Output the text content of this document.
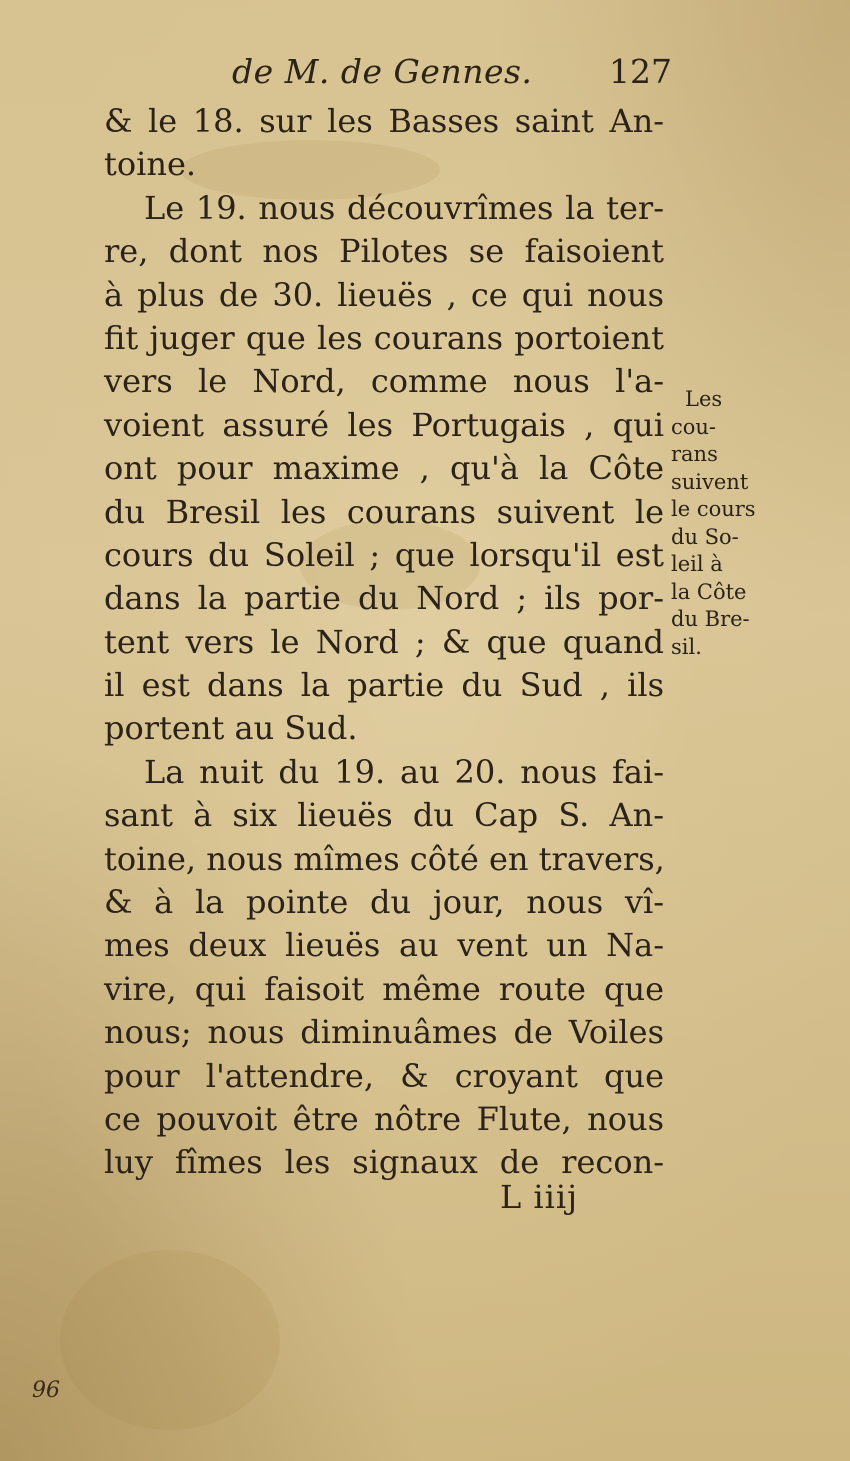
de M. de Gennes. 127
& le 18. sur les Basses saint An-
toine.
Le 19. nous découvrîmes la ter-
re, dont nos Pilotes se faisoient
à plus de 30. lieuës , ce qui nous
fit juger que les courans portoient
vers le Nord, comme nous l'a-
voient assuré les Portugais , qui
ont pour maxime , qu'à la Côte
du Bresil les courans suivent le
cours du Soleil ; que lorsqu'il est
dans la partie du Nord ; ils por-
tent vers le Nord ; & que quand
il est dans la partie du Sud , ils
portent au Sud.
La nuit du 19. au 20. nous fai-
sant à six lieuës du Cap S. An-
toine, nous mîmes côté en travers,
& à la pointe du jour, nous vî-
mes deux lieuës au vent un Na-
vire, qui faisoit même route que
nous; nous diminuâmes de Voiles
pour l'attendre, & croyant que
ce pouvoit être nôtre Flute, nous
luy fîmes les signaux de recon-
Les
cou-
rans
suivent
le cours
du So-
leil à
la Côte
du Bre-
sil.
L iiij
96
